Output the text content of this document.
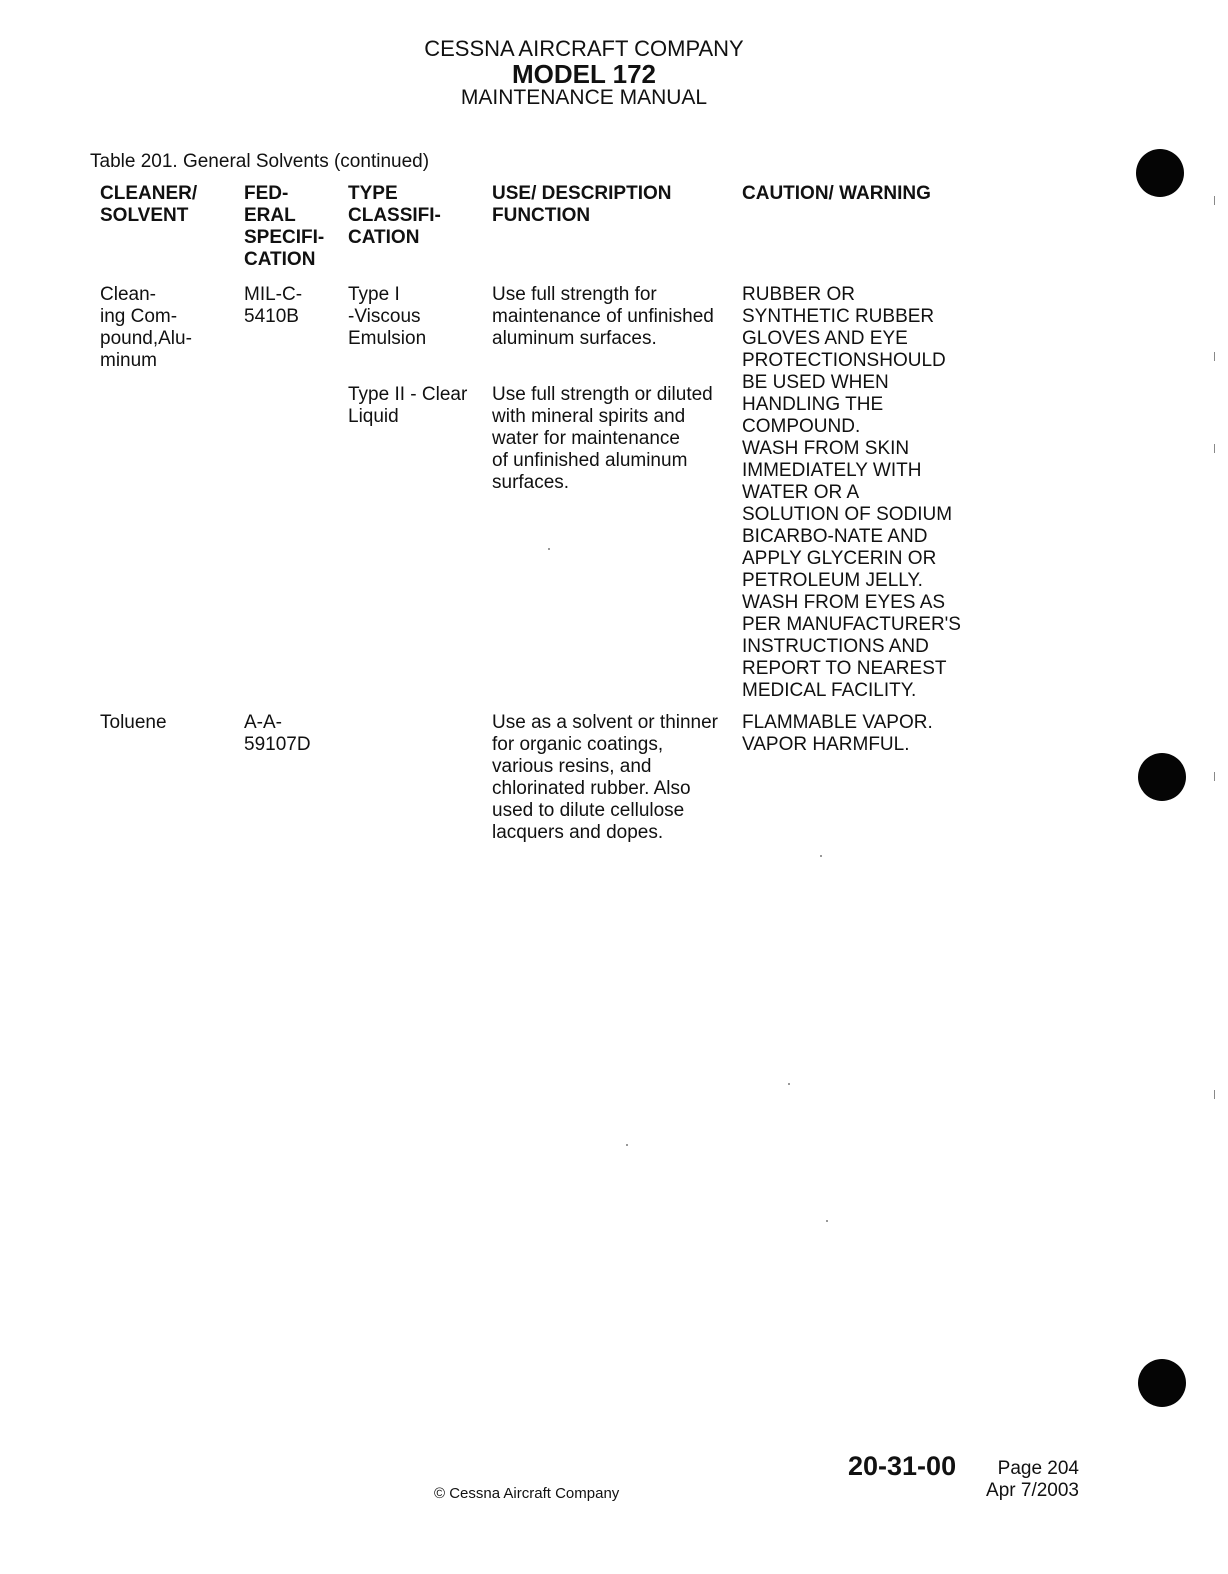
CESSNA AIRCRAFT COMPANY
MODEL 172
MAINTENANCE MANUAL
Table 201. General Solvents (continued)
CLEANER/
SOLVENT
FED-
ERAL
SPECIFI-
CATION
TYPE
CLASSIFI-
CATION
USE/ DESCRIPTION
FUNCTION
CAUTION/ WARNING
Clean-
ing Com-
pound,Alu-
minum
MIL-C-
5410B
Type I
-Viscous
Emulsion
Use full strength for
maintenance of unfinished
aluminum surfaces.
Type II - Clear
Liquid
Use full strength or diluted
with mineral spirits and
water for maintenance
of unfinished aluminum
surfaces.
RUBBER OR
SYNTHETIC RUBBER
GLOVES AND EYE
PROTECTIONSHOULD
BE USED WHEN
HANDLING THE
COMPOUND.
WASH FROM SKIN
IMMEDIATELY WITH
WATER OR A
SOLUTION OF SODIUM
BICARBO-NATE AND
APPLY GLYCERIN OR
PETROLEUM JELLY.
WASH FROM EYES AS
PER MANUFACTURER'S
INSTRUCTIONS AND
REPORT TO NEAREST
MEDICAL FACILITY.
Toluene	A-A-
59107D
Use as a solvent or thinner
for organic coatings,
various resins, and
chlorinated rubber. Also
used to dilute cellulose
lacquers and dopes.
FLAMMABLE VAPOR.
VAPOR HARMFUL.
20-31-00	Page 204
Apr 7/2003
© Cessna Aircraft Company
